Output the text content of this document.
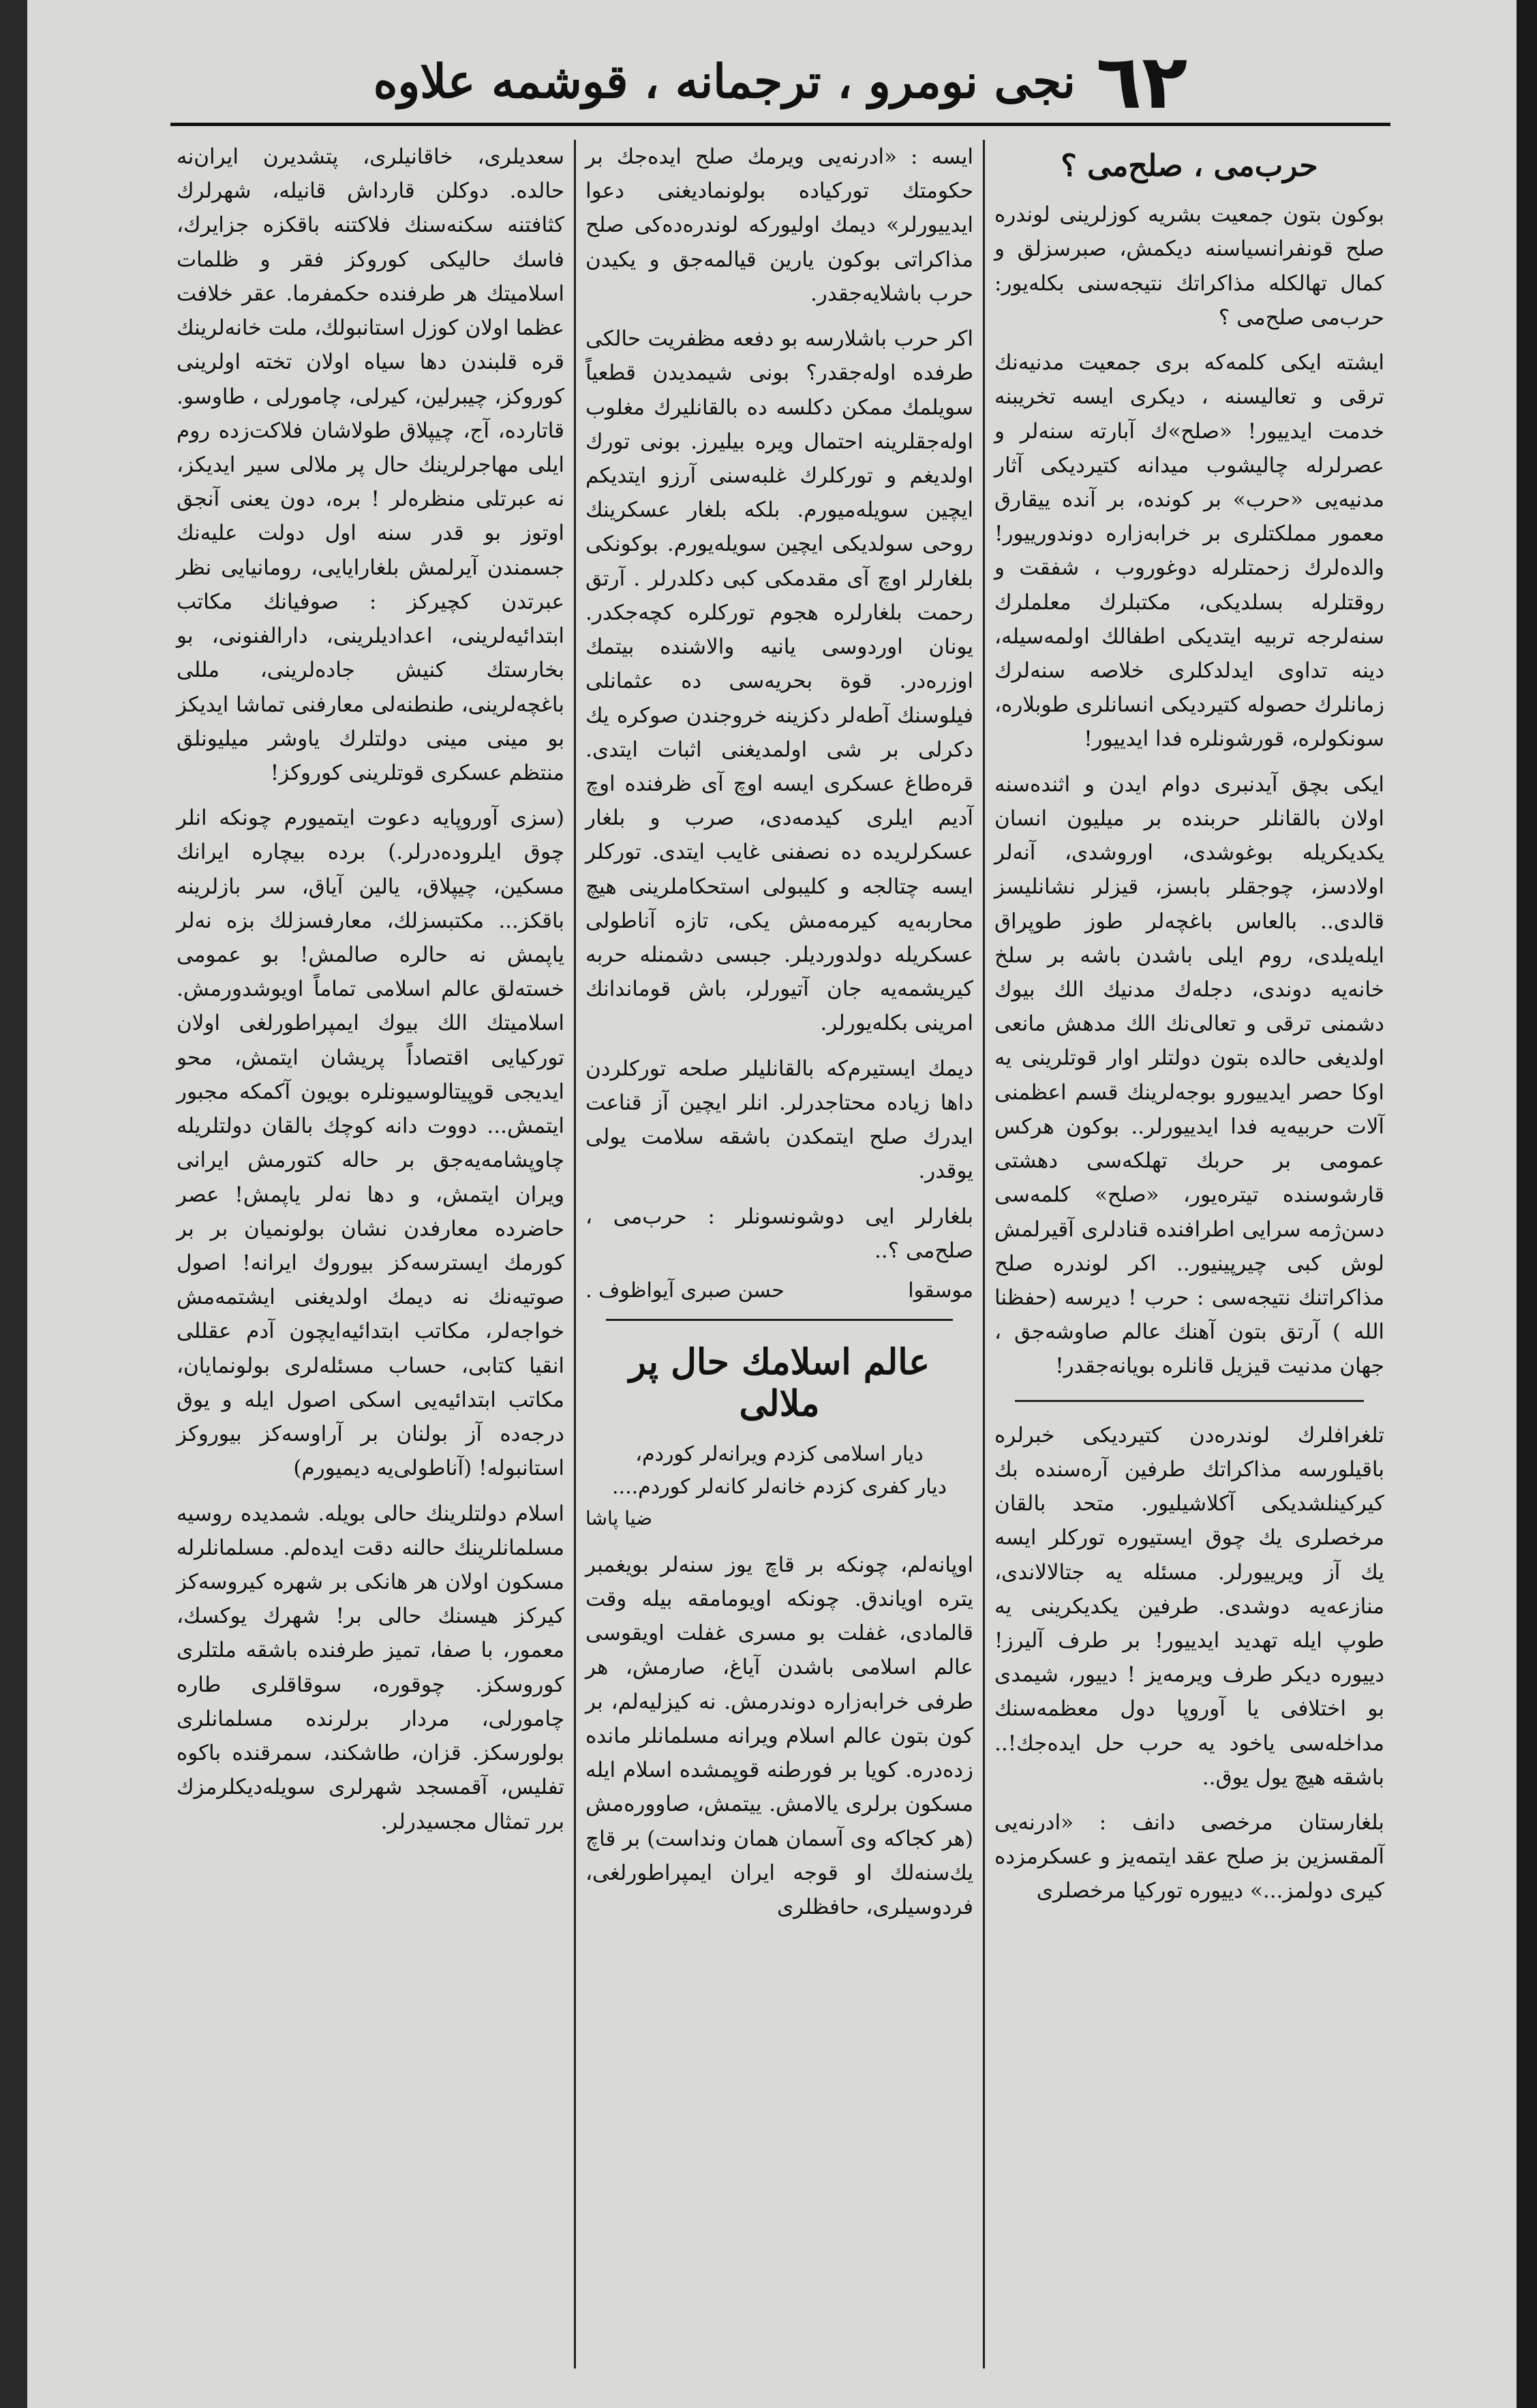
٦٢
نجی نومرو ، ترجمانه ، قوشمه علاوه
حرب‌می ، صلح‌می ؟

بوكون بتون جمعیت بشریه كوزلرینی لوندره صلح قونفرانسیاسنه دیكمش، صبرسزلق و كمال تهالكله مذاكراتك نتیجه‌سنی بكله‌یور: حرب‌می صلح‌می ؟

ایشته ایكی كلمه‌كه بری جمعیت مدنیه‌نك ترقی و تعالیسنه ، دیكری ایسه تخریبنه خدمت ایدییور! «صلح»ك آبارته سنه‌لر و عصرلرله چالیشوب میدانه كتیردیكی آثار مدنیه‌یی «حرب» بر كونده، بر آنده ییقارق معمور مملكتلری بر خرابه‌زاره دوندورییور! والده‌لرك زحمتلرله دوغوروب ، شفقت و روقتلرله بسلدیكی، مكتبلرك معلملرك سنه‌لرجه تربیه ایتدیكی اطفالك اولمه‌سیله، دینه تداوی ایدلدكلری خلاصه سنه‌لرك زمانلرك حصوله كتیردیكی انسانلری طوبلاره، سونكولره، قورشونلره فدا ایدییور!

ایكی بچق آیدنبری دوام ایدن و اثنده‌سنه اولان بالقانلر حربنده بر میلیون انسان یكدیكریله بوغوشدی، اوروشدی، آنه‌لر اولادسز، چوجقلر بابسز، قیزلر نشانلیسز قالدی.. بالعاس باغچه‌لر طوز طوپراق ایله‌یلدی، روم ایلی باشدن باشه بر سلخ خانه‌یه دوندی، دجله‌ك مدنیك الك بیوك دشمنی ترقی و تعالی‌نك الك مدهش مانعی اولدیغی حالده بتون دولتلر اوار قوتلرینی یه اوكا حصر ایدییورو بوجه‌لرینك قسم اعظمنی آلات حربیه‌یه فدا ایدییورلر.. بوكون هركس عمومی بر حربك تهلكه‌سی دهشتی قارشوسنده تیتره‌یور، «صلح» كلمه‌سی دسن‌ژمه سرایی اطرافنده قنادلری آقیرلمش لوش كبی چیرپینیور.. اكر لوندره صلح مذاكراتنك نتیجه‌سی : حرب ! دیرسه (حفظنا الله ) آرتق بتون آهنك عالم صاوشه‌جق ، جهان مدنیت قیزیل قانلره بویانه‌جقدر!

تلغرافلرك لوندره‌دن كتیردیكی خبرلره باقیلورسه مذاكراتك طرفین آره‌سنده بك كیركینلشدیكی آكلاشیلیور. متحد بالقان مرخصلری یك چوق ایستیوره توركلر ایسه یك آز ویرییورلر. مسئله یه جتالالاندی، منازعه‌یه دوشدی. طرفین یكدیكرینی یه طوپ ایله تهدید ایدییور! بر طرف آلیرز! دییوره دیكر طرف ویرمه‌یز ! دییور، شیمدی بو اختلافی یا آوروپا دول معظمه‌سنك مداخله‌سی یاخود یه حرب حل ایده‌جك!.. باشقه هیچ یول یوق..

بلغارستان مرخصی دانف : «ادرنه‌یی آلمقسزین بز صلح عقد ایتمه‌یز و عسكرمزده كیری دولمز...» دییوره توركیا مرخصلری

ایسه : «ادرنه‌یی ویرمك صلح ایده‌جك بر حكومتك توركیاده بولونمادیغنی دعوا ایدییورلر» دیمك اولیوركه لوندره‌ده‌كی صلح مذاكراتی بوكون یارین قیالمه‌جق و یكیدن حرب باشلایه‌جقدر.

اكر حرب باشلارسه بو دفعه مظفریت حالكی طرفده اوله‌جقدر؟ بونی شیمدیدن قطعیاً سویلمك ممكن دكلسه ده بالقانلیرك مغلوب اوله‌جقلرینه احتمال ویره بیلیرز. بونی تورك اولدیغم و توركلرك غلبه‌سنی آرزو ایتدیكم ایچین سویله‌میورم. بلكه بلغار عسكرینك روحی سولدیكی ایچین سویله‌یورم. بوكونكی بلغارلر اوچ آی مقدمكی كبی دكلدرلر . آرتق رحمت بلغارلره هجوم توركلره كچه‌جكدر. یونان اوردوسی یانیه والاشنده بیتمك اوزره‌در. قوة بحریه‌سی ده عثمانلی فیلوسنك آطه‌لر دكزینه خروجندن صوكره یك دكرلی بر شی اولمدیغنی اثبات ایتدی. قره‌طاغ عسكری ایسه اوچ آی ظرفنده اوچ آدیم ایلری كیدمه‌دی، صرب و بلغار عسكرلریده ده نصفنی غایب ایتدی. توركلر ایسه چتالجه و كلیبولی استحكاملرینی هیچ محاربه‌یه كیرمه‌مش یكی، تازه آناطولی عسكریله دولدوردیلر. جبسی دشمنله حربه كیریشمه‌یه جان آتیورلر، باش قوماندانك امرینی بكله‌یورلر.

دیمك ایستیرم‌كه بالقانلیلر صلحه توركلردن داها زیاده محتاجدرلر. انلر ایچین آز قناعت ایدرك صلح ایتمكدن باشقه سلامت یولی یوقدر.

بلغارلر ایی دوشونسونلر : حرب‌می ، صلح‌می ؟..

موسقوا
حسن صبری آیواظوف .
عالم اسلامك حال پر ملالی
دیار اسلامی كزدم ویرانه‌لر كوردم،
دیار كفری كزدم خانه‌لر كانه‌لر كوردم....
ضیا پاشا

اوپانه‌لم، چونكه بر قاچ یوز سنه‌لر بویغمبر یتره اویاندق. چونكه اویومامقه بیله وقت قالمادی، غفلت بو مسری غفلت اویقوسی عالم اسلامی باشدن آیاغ، صارمش، هر طرفی خرابه‌زاره دوندرمش. نه كیزلیه‌لم، بر كون بتون عالم اسلام ویرانه مسلمانلر مانده زده‌دره. كویا بر فورطنه قوپمشده اسلام ایله مسكون برلری یالامش. ییتمش، صاووره‌مش (هر كجاكه وی آسمان همان ونداست) بر قاچ یك‌سنه‌لك او قوجه ایران ایمپراطورلغی، فردوسیلری، حافظلری

سعدیلری، خاقانیلری، پتشدیرن ایران‌نه حالده. دوكلن قارداش قانیله، شهرلرك كثافتنه سكنه‌سنك فلاكتنه باقكزه جزایرك، فاسك حالیكی كوروكز فقر و ظلمات اسلامیتك هر طرفنده حكمفرما. عقر خلافت عظما اولان كوزل استانبولك، ملت خانه‌لرینك قره قلبندن دها سیاه اولان تخته اولرینی كوروكز، چیبرلین، كیرلی، چامورلی ، طاوسو. قاتارده، آج، چیپلاق طولاشان فلاكت‌زده روم ایلی مهاجرلرینك حال پر ملالی سیر ایدیكز، نه عبرتلی منظره‌لر ! بره، دون یعنی آنجق اوتوز بو قدر سنه اول دولت علیه‌نك جسمندن آیرلمش بلغارایایی، رومانیایی نظر عبرتدن كچیركز : صوفیانك مكاتب ابتدائیه‌لرینی، اعدادیلرینی، دارالفنونی، بو بخارستك كنیش جاده‌لرینی، مللی باغچه‌لرینی، طنطنه‌لی معارفنی تماشا ایدیكز بو مینی مینی دولتلرك یاوشر میلیونلق منتظم عسكری قوتلرینی كوروكز!

(سزی آوروپایه دعوت ایتمیورم چونكه انلر چوق ایلروده‌درلر.) برده بیچاره ایرانك مسكین، چیپلاق، یالین آیاق، سر بازلرینه باقكز... مكتبسزلك، معارفسزلك بزه نه‌لر یاپمش نه حالره صالمش! بو عمومی خسته‌لق عالم اسلامی تماماً اویوشدورمش. اسلامیتك الك بیوك ایمپراطورلغی اولان توركیایی اقتصاداً پریشان ایتمش، محو ایدیجی قوپیتالوسیونلره بویون آكمكه مجبور ایتمش... دووت دانه كوچك بالقان دولتلریله چاوپشامه‌یه‌جق بر حاله كتورمش ایرانی ویران ایتمش، و دها نه‌لر یاپمش! عصر حاضرده معارفدن نشان بولونمیان بر بر كورمك ایسترسه‌كز بیوروك ایرانه! اصول صوتیه‌نك نه دیمك اولدیغنی ایشتمه‌مش خواجه‌لر، مكاتب ابتدائیه‌ایچون آدم عقللی انقیا كتابی، حساب مسئله‌لری بولونمایان، مكاتب ابتدائیه‌یی اسكی اصول ایله و یوق درجه‌ده آز بولنان بر آراوسه‌كز بیوروكز استانبوله! (آناطولی‌یه دیمیورم)

اسلام دولتلرینك حالی بویله. شمدیده روسیه مسلمانلرینك حالنه دقت ایده‌لم. مسلمانلرله مسكون اولان هر هانكی بر شهره كیروسه‌كز كیركز هیسنك حالی بر! شهرك یوكسك، معمور، با صفا، تمیز طرفنده باشقه ملتلری كوروسكز. چوقوره، سوقاقلری طاره چامورلی، مردار برلرنده مسلمانلری بولورسكز. قزان، طاشكند، سمرقنده باكوه تفلیس، آقمسجد شهرلری سویله‌دیكلرمزك برر تمثال مجسیدرلر.
